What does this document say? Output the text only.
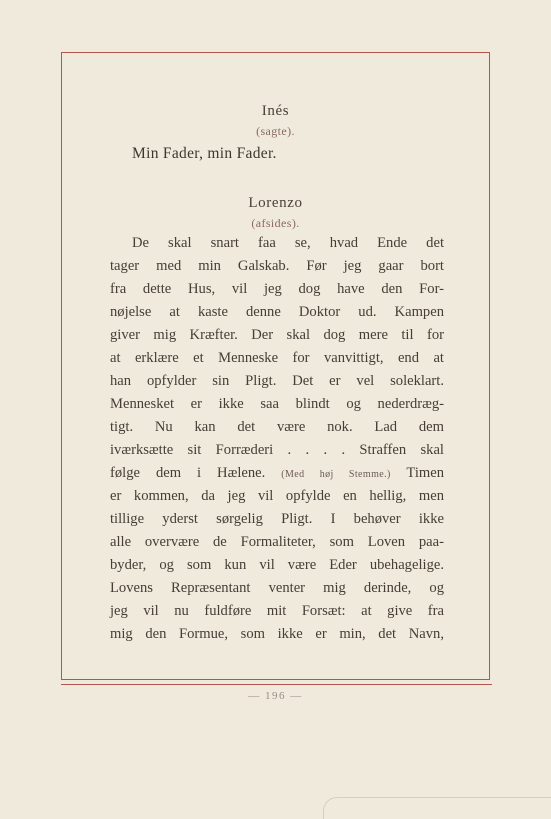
Inés
(sagte).
Min Fader, min Fader.
Lorenzo
(afsides).
De skal snart faa se, hvad Ende det
tager med min Galskab. Før jeg gaar bort
fra dette Hus, vil jeg dog have den For-
nøjelse at kaste denne Doktor ud. Kampen
giver mig Kræfter. Der skal dog mere til for
at erklære et Menneske for vanvittigt, end at
han opfylder sin Pligt. Det er vel soleklart.
Mennesket er ikke saa blindt og nederdræg-
tigt. Nu kan det være nok. Lad dem
iværksætte sit Forræderi . . . . Straffen skal
følge dem i Hælene. (Med høj Stemme.) Timen
er kommen, da jeg vil opfylde en hellig, men
tillige yderst sørgelig Pligt. I behøver ikke
alle overvære de Formaliteter, som Loven paa-
byder, og som kun vil være Eder ubehagelige.
Lovens Repræsentant venter mig derinde, og
jeg vil nu fuldføre mit Forsæt: at give fra
mig den Formue, som ikke er min, det Navn,
— 196 —
